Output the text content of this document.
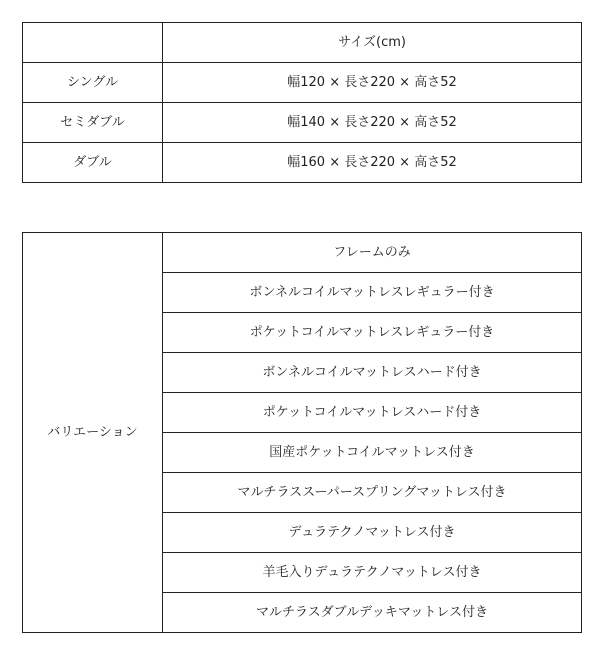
	サイズ(cm)
シングル	幅120 × 長さ220 × 高さ52
セミダブル	幅140 × 長さ220 × 高さ52
ダブル	幅160 × 長さ220 × 高さ52
バリエーション	フレームのみ
ボンネルコイルマットレスレギュラー付き
ポケットコイルマットレスレギュラー付き
ボンネルコイルマットレスハード付き
ポケットコイルマットレスハード付き
国産ポケットコイルマットレス付き
マルチラススーパースプリングマットレス付き
デュラテクノマットレス付き
羊毛入りデュラテクノマットレス付き
マルチラスダブルデッキマットレス付き
